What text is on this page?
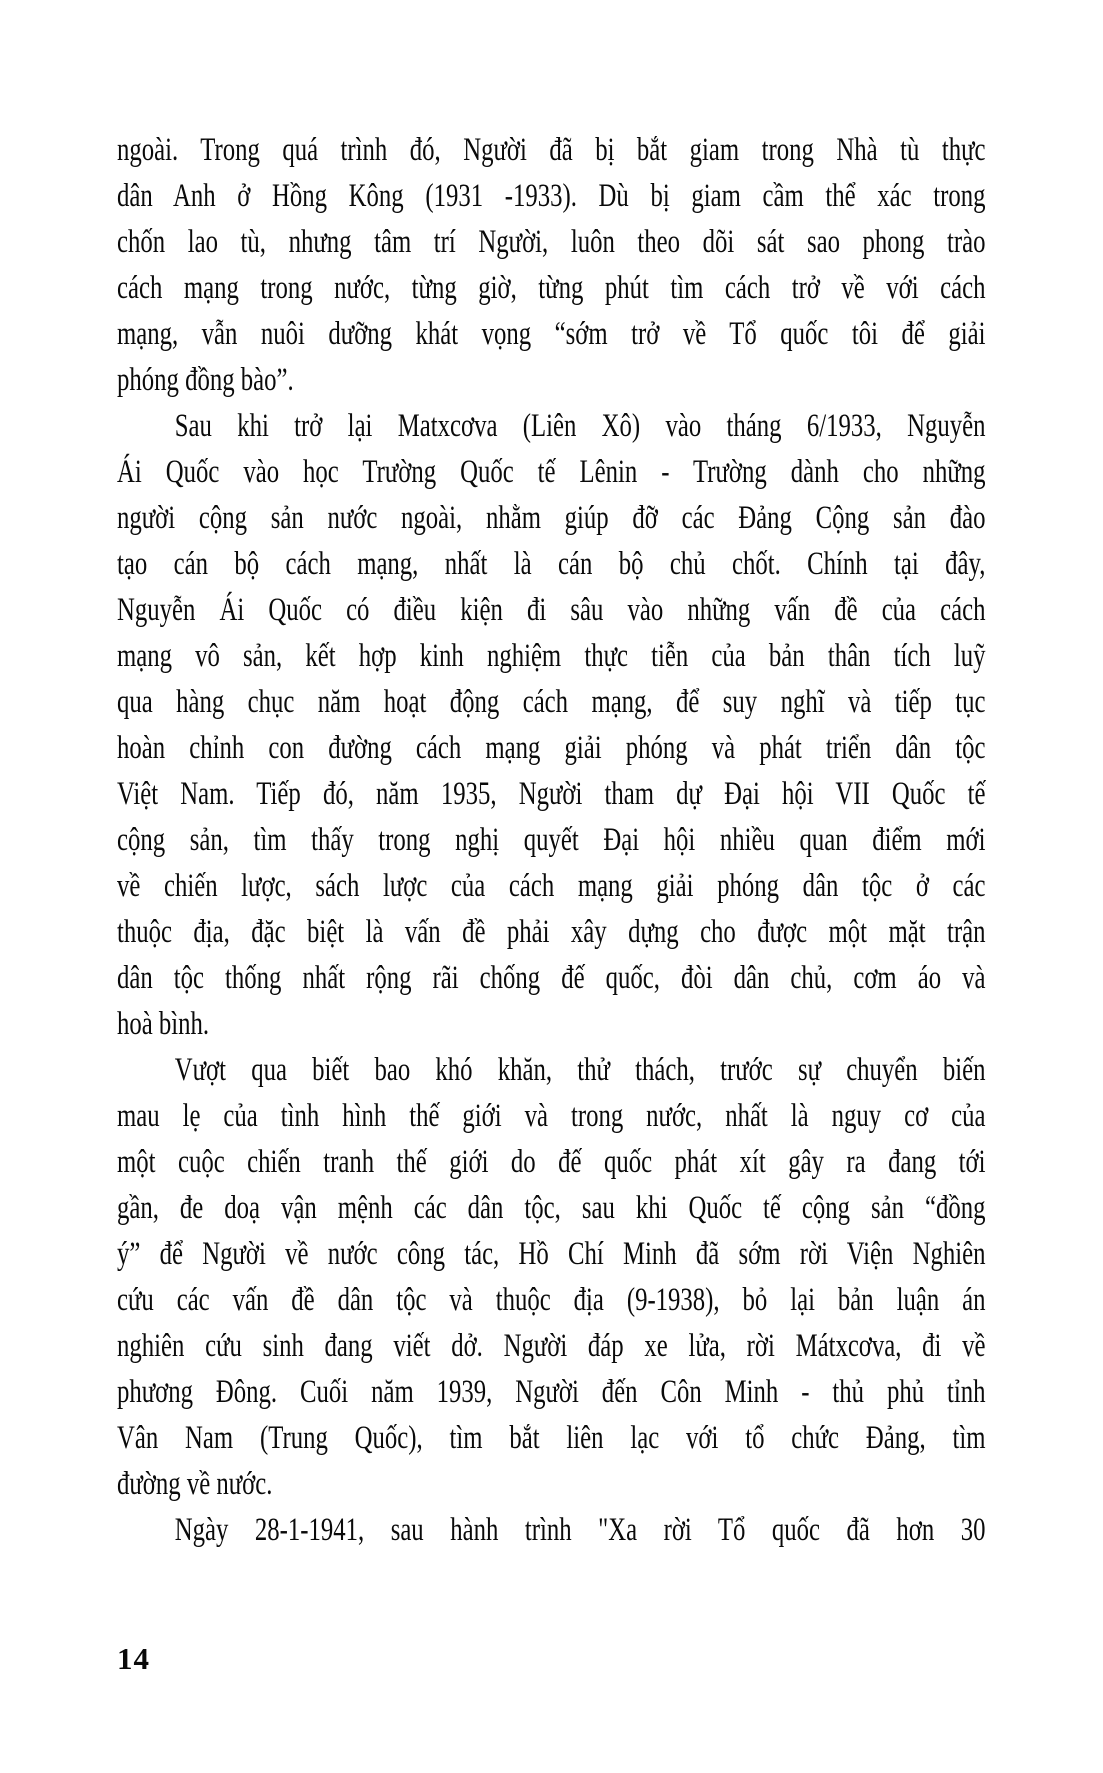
ngoài. Trong quá trình đó, Người đã bị bắt giam trong Nhà tù thực
dân Anh ở Hồng Kông (1931 -1933). Dù bị giam cầm thể xác trong
chốn lao tù, nhưng tâm trí Người, luôn theo dõi sát sao phong trào
cách mạng trong nước, từng giờ, từng phút tìm cách trở về với cách
mạng, vẫn nuôi dưỡng khát vọng “sớm trở về Tổ quốc tôi để giải
phóng đồng bào”.
Sau khi trở lại Matxcơva (Liên Xô) vào tháng 6/1933, Nguyễn
Ái Quốc vào học Trường Quốc tế Lênin - Trường dành cho những
người cộng sản nước ngoài, nhằm giúp đỡ các Đảng Cộng sản đào
tạo cán bộ cách mạng, nhất là cán bộ chủ chốt. Chính tại đây,
Nguyễn Ái Quốc có điều kiện đi sâu vào những vấn đề của cách
mạng vô sản, kết hợp kinh nghiệm thực tiễn của bản thân tích luỹ
qua hàng chục năm hoạt động cách mạng, để suy nghĩ và tiếp tục
hoàn chỉnh con đường cách mạng giải phóng và phát triển dân tộc
Việt Nam. Tiếp đó, năm 1935, Người tham dự Đại hội VII Quốc tế
cộng sản, tìm thấy trong nghị quyết Đại hội nhiều quan điểm mới
về chiến lược, sách lược của cách mạng giải phóng dân tộc ở các
thuộc địa, đặc biệt là vấn đề phải xây dựng cho được một mặt trận
dân tộc thống nhất rộng rãi chống đế quốc, đòi dân chủ, cơm áo và
hoà bình.
Vượt qua biết bao khó khăn, thử thách, trước sự chuyển biến
mau lẹ của tình hình thế giới và trong nước, nhất là nguy cơ của
một cuộc chiến tranh thế giới do đế quốc phát xít gây ra đang tới
gần, đe doạ vận mệnh các dân tộc, sau khi Quốc tế cộng sản “đồng
ý” để Người về nước công tác, Hồ Chí Minh đã sớm rời Viện Nghiên
cứu các vấn đề dân tộc và thuộc địa (9-1938), bỏ lại bản luận án
nghiên cứu sinh đang viết dở. Người đáp xe lửa, rời Mátxcơva, đi về
phương Đông. Cuối năm 1939, Người đến Côn Minh - thủ phủ tỉnh
Vân Nam (Trung Quốc), tìm bắt liên lạc với tổ chức Đảng, tìm
đường về nước.
Ngày 28-1-1941, sau hành trình "Xa rời Tổ quốc đã hơn 30
14
